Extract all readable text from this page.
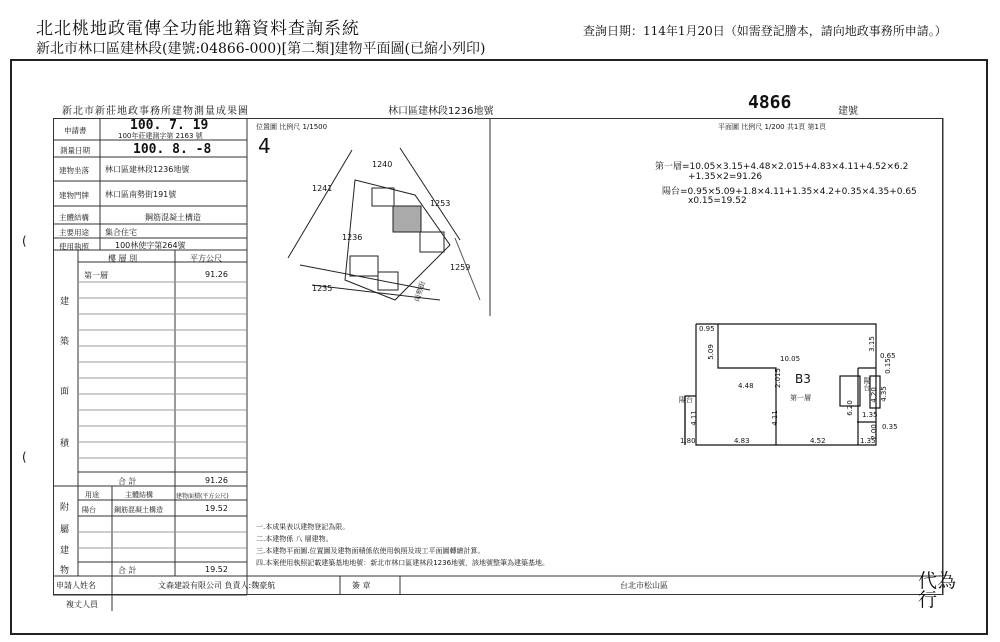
北北桃地政電傳全功能地籍資料查詢系統
新北市林口區建林段(建號:04866-000)[第二類]建物平面圖(已縮小列印)
查詢日期：114年1月20日（如需登記謄本，請向地政事務所申請。）
新北市新莊地政事務所建物測量成果圖	林口區建林段1236地號	4866	建號
申請書	100. 7. 19
100年莊建測字第 2163 號
測量日期	100. 8. -8
建物坐落 林口區建林段1236地號
建物門牌 林口區南勢街191號
主體結構	鋼筋混凝土構造
主要用途 集合住宅
使用執照	100林使字第264號
樓 層 別	平方公尺
第一層	91.26
建
築
面
積
合 計	91.26
用途	主體結構	建物面積(平方公尺)
陽台	鋼筋混凝土構造	19.52
附
屬
建
物	合 計	19.52
申請人姓名	文森建設有限公司 負責人:魏豪航	簽 章
複丈人員
台北市松山區	代為
行
位置圖 比例尺 1/1500
4
1240
1241
1253
1236
1259
1235	南勢街
平面圖 比例尺 1/200 共1頁 第1頁
第一層=10.05×3.15+4.48×2.015+4.83×4.11+4.52×6.2
+1.35×2=91.26
陽台=0.95×5.09+1.8×4.11+1.35×4.2+0.35×4.35+0.65
x0.15=19.52
B3
第一層
陽台
陽台
0.95
5.09	10.05
3.15
0.65
0.15
4.48	2.015
4.35
4.20
6.20
4.11	4.11	1.35
2.00 0.35
1.80	4.83	4.52	1.35
一.本成果表以建物登記為限。
二.本建物係 八 層建物。
三.本建物平面圖.位置圖及建物面積係依使用執照及竣工平面圖轉繪計算。
四.本案使用執照記載建築基地地號：新北市林口區建林段1236地號，該地號整筆為建築基地。
(
(
